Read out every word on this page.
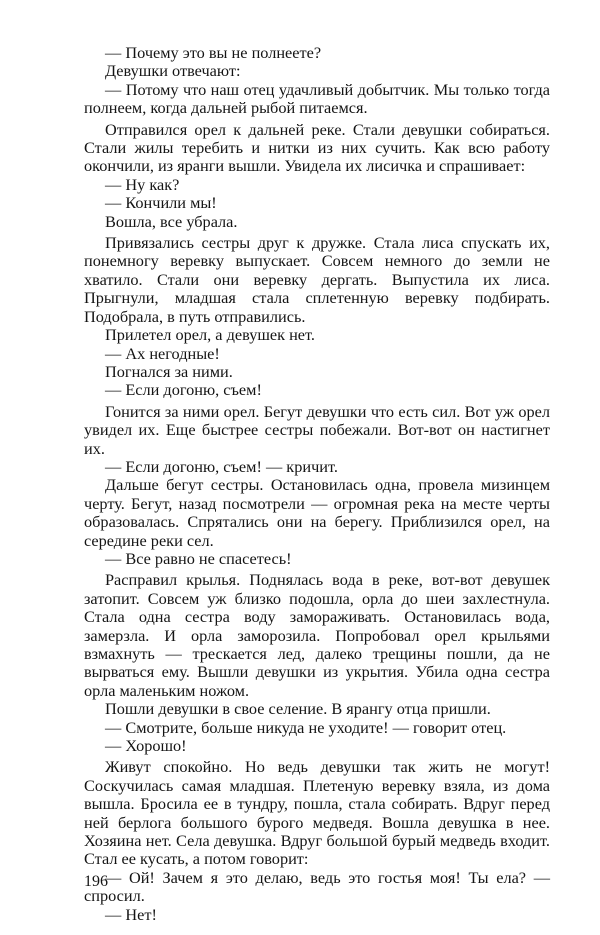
— Почему это вы не полнеете?

Девушки отвечают:

— Потому что наш отец удачливый добытчик. Мы только тогда полнеем, когда дальней рыбой питаемся.

Отправился орел к дальней реке. Стали девушки собираться. Стали жилы теребить и нитки из них сучить. Как всю работу окончили, из яранги вышли. Увидела их лисичка и спрашивает:

— Ну как?

— Кончили мы!

Вошла, все убрала.

Привязались сестры друг к дружке. Стала лиса спускать их, понемногу веревку выпускает. Совсем немного до земли не хватило. Стали они веревку дергать. Выпустила их лиса. Прыгнули, младшая стала сплетенную веревку подбирать. Подобрала, в путь отправились.

Прилетел орел, а девушек нет.

— Ах негодные!

Погнался за ними.

— Если догоню, съем!

Гонится за ними орел. Бегут девушки что есть сил. Вот уж орел увидел их. Еще быстрее сестры побежали. Вот-вот он настигнет их.

— Если догоню, съем! — кричит.

Дальше бегут сестры. Остановилась одна, провела мизинцем черту. Бегут, назад посмотрели — огромная река на месте черты образовалась. Спрятались они на берегу. Приблизился орел, на середине реки сел.

— Все равно не спасетесь!

Расправил крылья. Поднялась вода в реке, вот-вот девушек затопит. Совсем уж близко подошла, орла до шеи захлестнула. Стала одна сестра воду замораживать. Остановилась вода, замерзла. И орла заморозила. Попробовал орел крыльями взмахнуть — трескается лед, далеко трещины пошли, да не вырваться ему. Вышли девушки из укрытия. Убила одна сестра орла маленьким ножом.

Пошли девушки в свое селение. В ярангу отца пришли.

— Смотрите, больше никуда не уходите! — говорит отец.

— Хорошо!

Живут спокойно. Но ведь девушки так жить не могут! Соскучилась самая младшая. Плетеную веревку взяла, из дома вышла. Бросила ее в тундру, пошла, стала собирать. Вдруг перед ней берлога большого бурого медведя. Вошла девушка в нее. Хозяина нет. Села девушка. Вдруг большой бурый медведь входит. Стал ее кусать, а потом говорит:

— Ой! Зачем я это делаю, ведь это гостья моя! Ты ела? — спросил.

— Нет!

196
